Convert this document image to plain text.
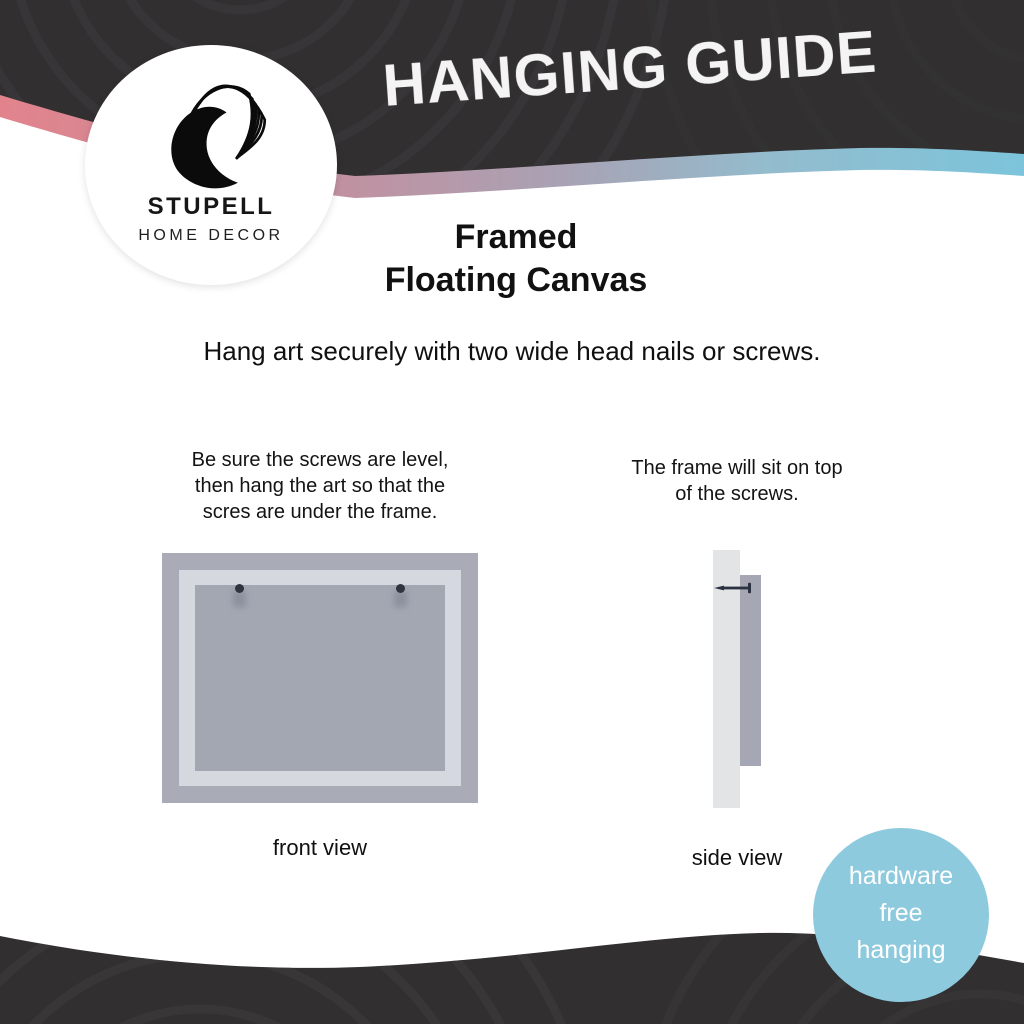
HANGING GUIDE
STUPELL
HOME DECOR	Framed
Floating Canvas
Hang art securely with two wide head nails or screws.
Be sure the screws are level,
then hang the art so that the
scres are under the frame.
front view
The frame will sit on top
of the screws.
side view
hardware
free
hanging
